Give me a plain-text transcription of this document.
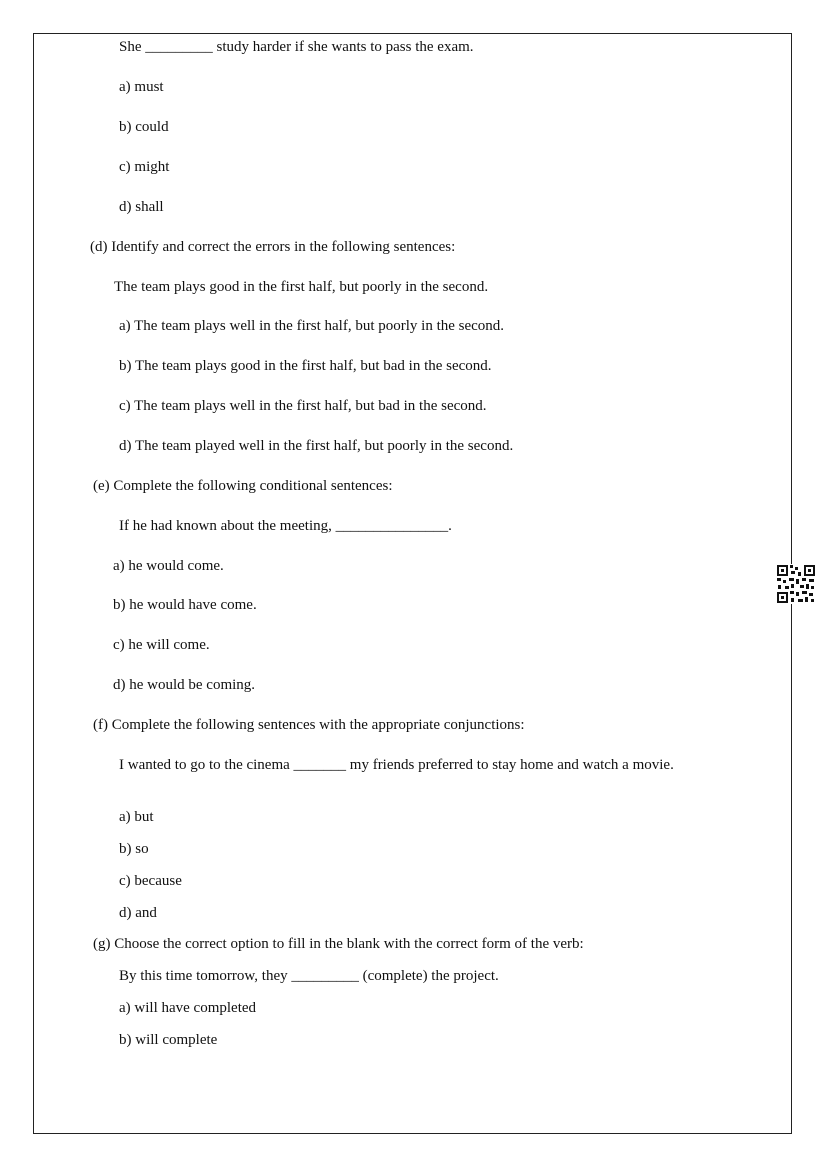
She _________ study harder if she wants to pass the exam.
a) must
b) could
c) might
d) shall
(d) Identify and correct the errors in the following sentences:
The team plays good in the first half, but poorly in the second.
a) The team plays well in the first half, but poorly in the second.
b) The team plays good in the first half, but bad in the second.
c) The team plays well in the first half, but bad in the second.
d) The team played well in the first half, but poorly in the second.
(e) Complete the following conditional sentences:
If he had known about the meeting, _______________.
a) he would come.
b) he would have come.
c) he will come.
d) he would be coming.
(f) Complete the following sentences with the appropriate conjunctions:
I wanted to go to the cinema _______ my friends preferred to stay home and watch a movie.
a) but
b) so
c) because
d) and
(g) Choose the correct option to fill in the blank with the correct form of the verb:
By this time tomorrow, they _________ (complete) the project.
a) will have completed
b) will complete
